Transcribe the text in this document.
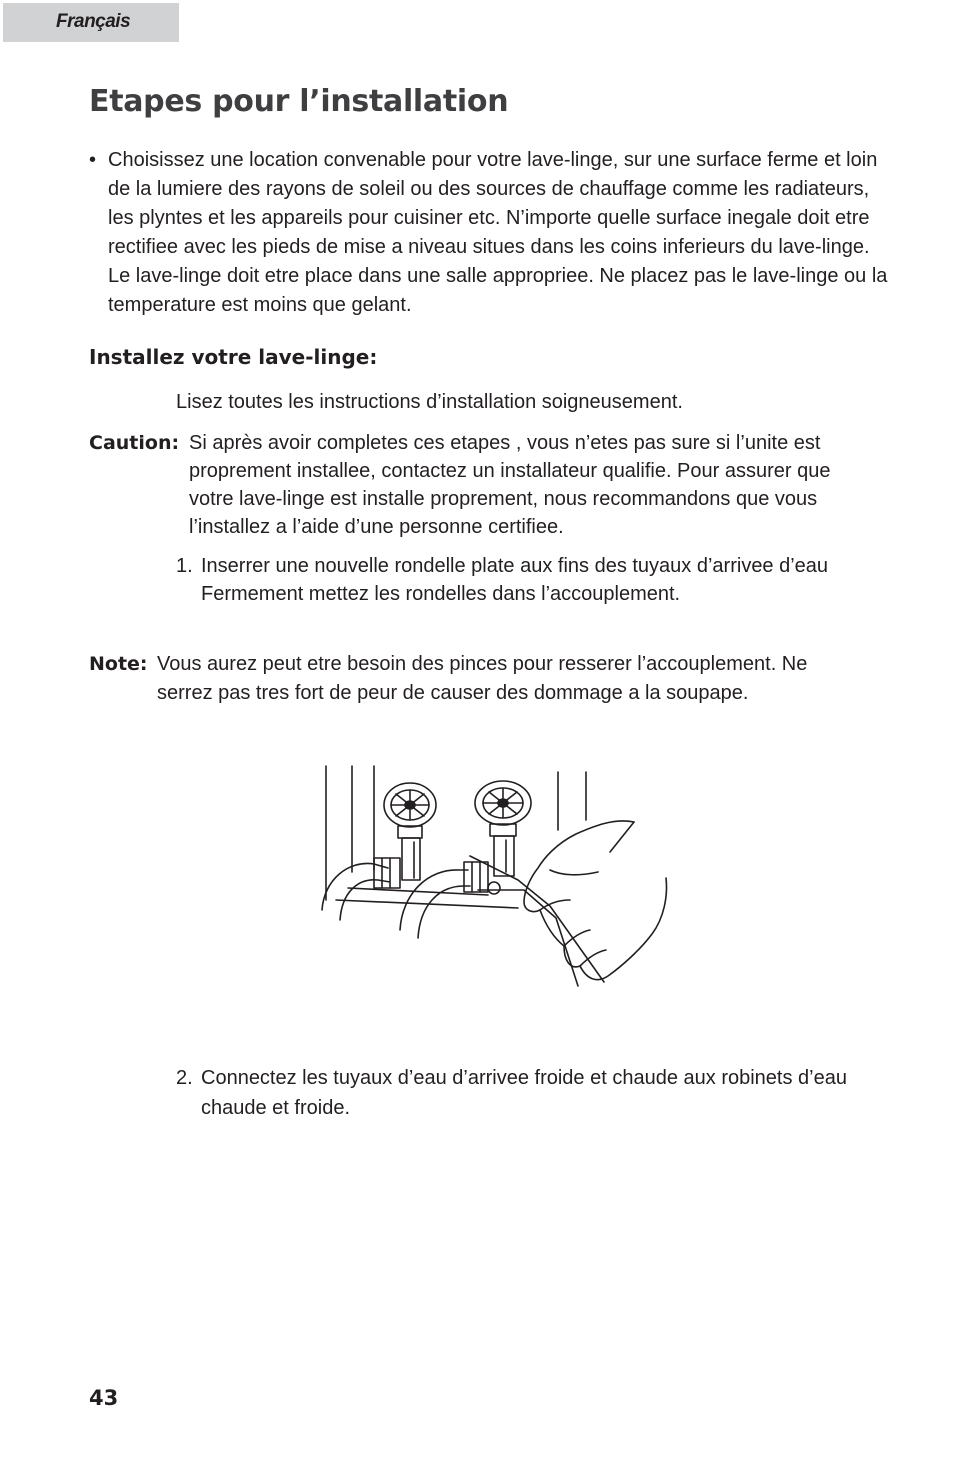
Français
Etapes pour l’installation
• Choisissez une location convenable pour votre lave-linge, sur une surface ferme et loin de la lumiere des rayons de soleil ou des sources de chauffage comme les radiateurs, les plyntes et les appareils pour cuisiner etc. N’importe quelle surface inegale doit etre rectifiee avec les pieds de mise a niveau situes dans les coins inferieurs du lave-linge. Le lave-linge doit etre place dans une salle appropriee. Ne placez pas le lave-linge ou la temperature est moins que gelant.
Installez votre lave-linge:

Lisez toutes les instructions d’installation soigneusement.

Caution: Si après avoir completes ces etapes , vous n’etes pas sure si l’unite est proprement installee, contactez un installateur qualifie. Pour assurer que votre lave-linge est installe proprement, nous recommandons que vous l’installez a l’aide d’une personne certifiee.
1. Inserrer une nouvelle rondelle plate aux fins des tuyaux d’arrivee d’eau Fermement mettez les rondelles dans l’accouplement.
Note: Vous aurez peut etre besoin des pinces pour resserer l’accouplement. Ne serrez pas tres fort de peur de causer des dommage a la soupape.
2. Connectez les tuyaux d’eau d’arrivee froide et chaude aux robinets d’eau chaude et froide.
43
